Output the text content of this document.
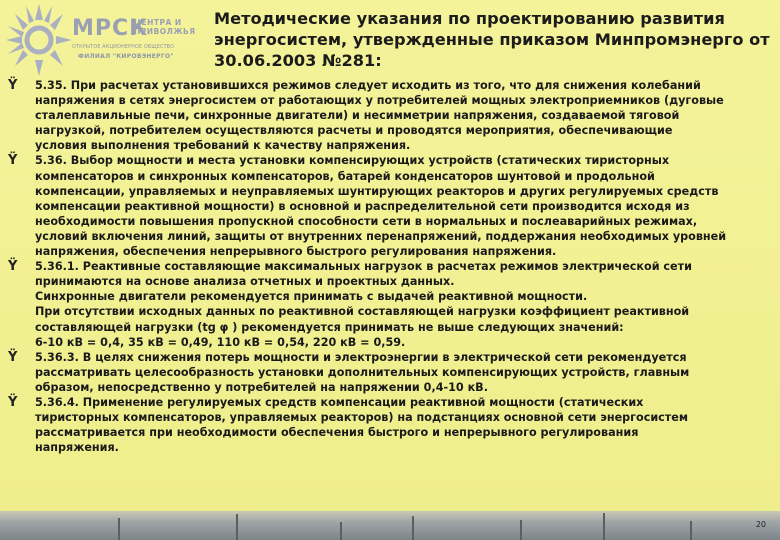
МРСК
ЦЕНТРА И
ПРИВОЛЖЬЯ
ОТКРЫТОЕ АКЦИОНЕРНОЕ ОБЩЕСТВО
ФИЛИАЛ "КИРОВЭНЕРГО"
Методические указания по проектированию развития
энергосистем, утвержденные приказом Минпромэнерго от
30.06.2003 №281:
Ÿ 5.35. При расчетах установившихся режимов следует исходить из того, что для снижения колебаний
напряжения в сетях энергосистем от работающих у потребителей мощных электроприемников (дуговые
сталеплавильные печи, синхронные двигатели) и несимметрии напряжения, создаваемой тяговой
нагрузкой, потребителем осуществляются расчеты и проводятся мероприятия, обеспечивающие
условия выполнения требований к качеству напряжения.
Ÿ 5.36. Выбор мощности и места установки компенсирующих устройств (статических тиристорных
компенсаторов и синхронных компенсаторов, батарей конденсаторов шунтовой и продольной
компенсации, управляемых и неуправляемых шунтирующих реакторов и других регулируемых средств
компенсации реактивной мощности) в основной и распределительной сети производится исходя из
необходимости повышения пропускной способности сети в нормальных и послеаварийных режимах,
условий включения линий, защиты от внутренних перенапряжений, поддержания необходимых уровней
напряжения, обеспечения непрерывного быстрого регулирования напряжения.
Ÿ 5.36.1. Реактивные составляющие максимальных нагрузок в расчетах режимов электрической сети
принимаются на основе анализа отчетных и проектных данных.
Синхронные двигатели рекомендуется принимать с выдачей реактивной мощности.
При отсутствии исходных данных по реактивной составляющей нагрузки коэффициент реактивной
составляющей нагрузки (tg φ ) рекомендуется принимать не выше следующих значений:
6-10 кВ = 0,4, 35 кВ = 0,49, 110 кВ = 0,54, 220 кВ = 0,59.
Ÿ 5.36.3. В целях снижения потерь мощности и электроэнергии в электрической сети рекомендуется
рассматривать целесообразность установки дополнительных компенсирующих устройств, главным
образом, непосредственно у потребителей на напряжении 0,4-10 кВ.
Ÿ 5.36.4. Применение регулируемых средств компенсации реактивной мощности (статических
тиристорных компенсаторов, управляемых реакторов) на подстанциях основной сети энергосистем
рассматривается при необходимости обеспечения быстрого и непрерывного регулирования
напряжения.
20
